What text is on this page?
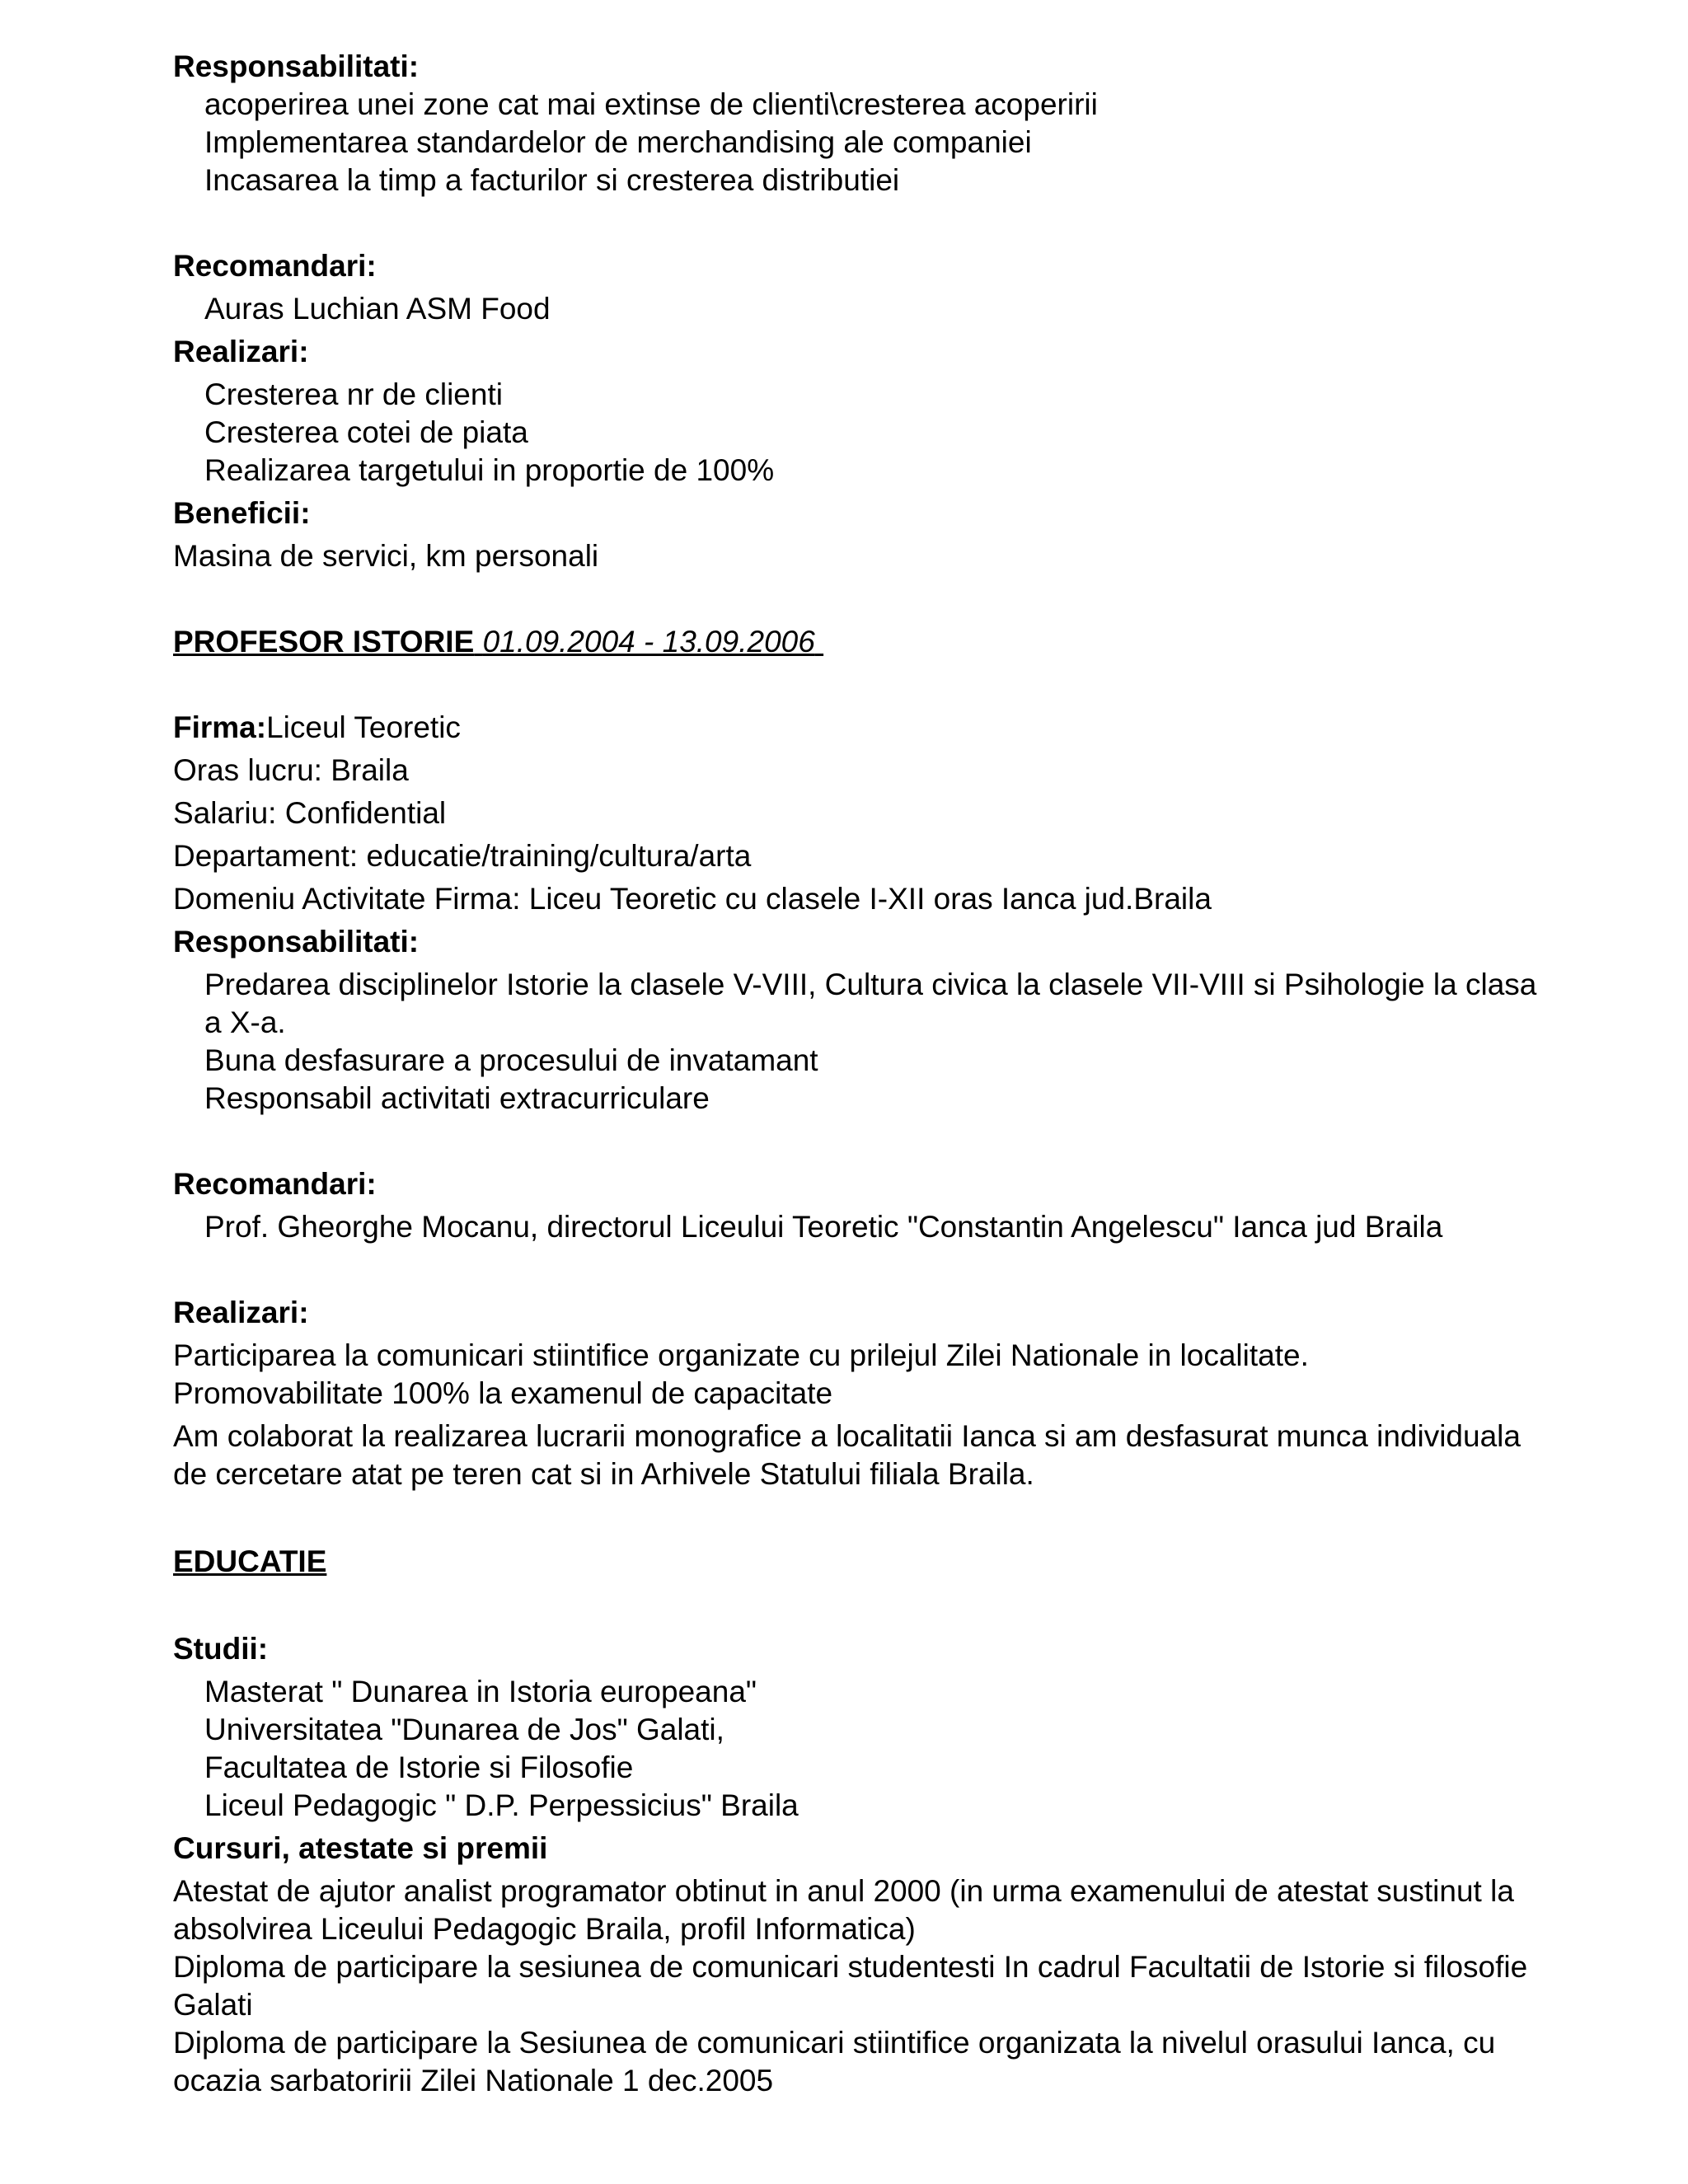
Responsabilitati:

acoperirea unei zone cat mai extinse de clienti\cresterea acoperirii

Implementarea standardelor de merchandising ale companiei

Incasarea la timp a facturilor si cresterea distributiei

Recomandari:

Auras Luchian ASM Food

Realizari:

Cresterea nr de clienti

Cresterea cotei de piata

Realizarea targetului in proportie de 100%

Beneficii:

Masina de servici, km personali

PROFESOR ISTORIE 01.09.2004 - 13.09.2006

Firma:Liceul Teoretic

Oras lucru: Braila

Salariu: Confidential

Departament: educatie/training/cultura/arta

Domeniu Activitate Firma: Liceu Teoretic cu clasele I-XII oras Ianca jud.Braila

Responsabilitati:

Predarea disciplinelor Istorie la clasele V-VIII, Cultura civica la clasele VII-VIII si Psihologie la clasa a X-a.

Buna desfasurare a procesului de invatamant

Responsabil activitati extracurriculare

Recomandari:

Prof. Gheorghe Mocanu, directorul Liceului Teoretic "Constantin Angelescu" Ianca jud Braila

Realizari:

Participarea la comunicari stiintifice organizate cu prilejul Zilei Nationale in localitate.

Promovabilitate 100% la examenul de capacitate

Am colaborat la realizarea lucrarii monografice a localitatii Ianca si am desfasurat munca individuala de cercetare atat pe teren cat si in Arhivele Statului filiala Braila.

EDUCATIE

Studii:

Masterat " Dunarea in Istoria europeana"

Universitatea "Dunarea de Jos" Galati,

Facultatea de Istorie si Filosofie

Liceul Pedagogic " D.P. Perpessicius" Braila

Cursuri, atestate si premii

Atestat de ajutor analist programator obtinut in anul 2000 (in urma examenului de atestat sustinut la absolvirea Liceului Pedagogic Braila, profil Informatica)

Diploma de participare la sesiunea de comunicari studentesti In cadrul Facultatii de Istorie si filosofie Galati

Diploma de participare la Sesiunea de comunicari stiintifice organizata la nivelul orasului Ianca, cu ocazia sarbatoririi Zilei Nationale 1 dec.2005
